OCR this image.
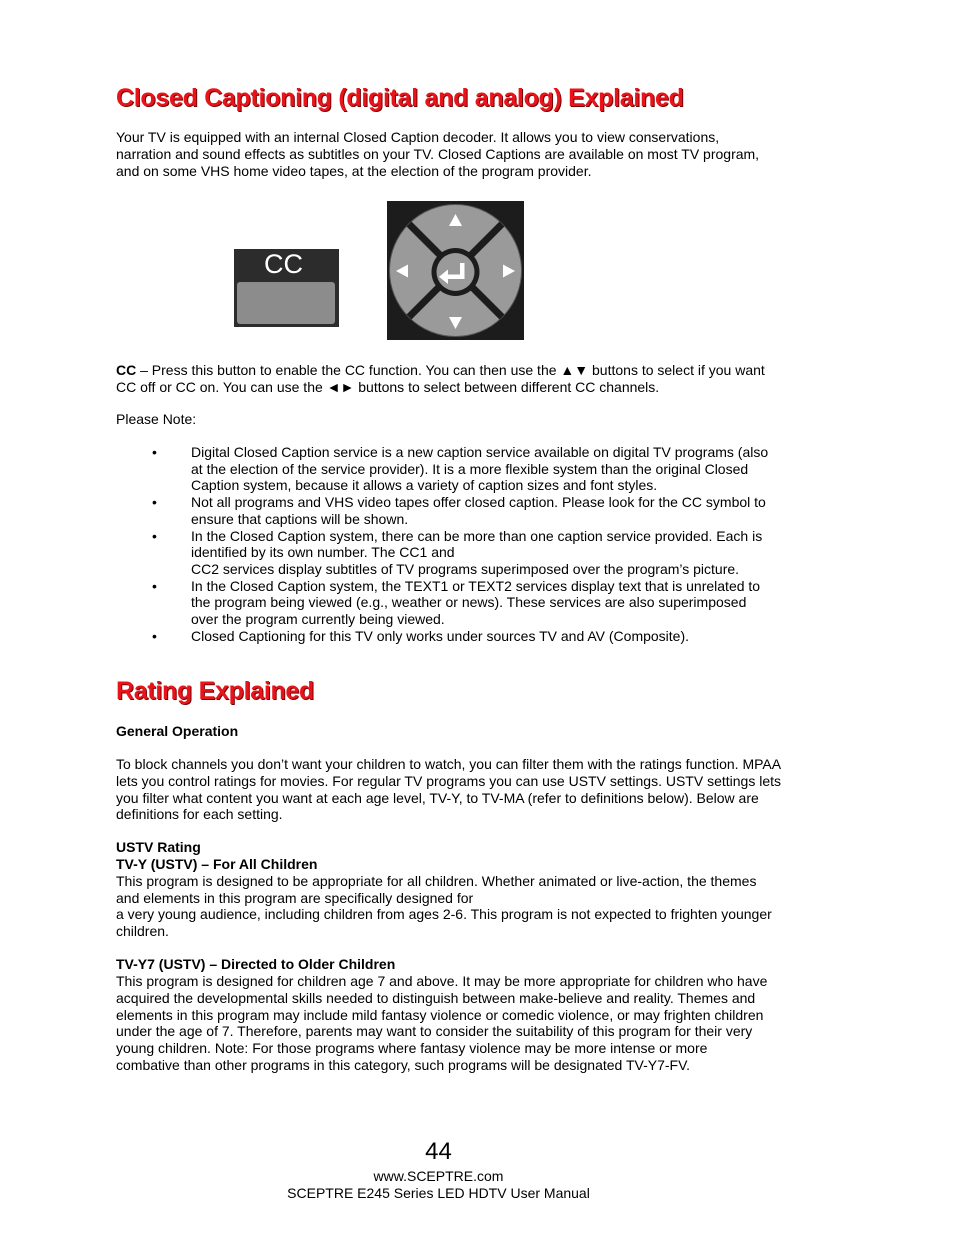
Closed Captioning (digital and analog) Explained

Your TV is equipped with an internal Closed Caption decoder. It allows you to view conservations, narration and sound effects as subtitles on your TV. Closed Captions are available on most TV program, and on some VHS home video tapes, at the election of the program provider.

CC

CC – Press this button to enable the CC function. You can then use the ▲▼ buttons to select if you want CC off or CC on. You can use the ◄► buttons to select between different CC channels.

Please Note:

• Digital Closed Caption service is a new caption service available on digital TV programs (also at the election of the service provider). It is a more flexible system than the original Closed Caption system, because it allows a variety of caption sizes and font styles.
• Not all programs and VHS video tapes offer closed caption. Please look for the CC symbol to ensure that captions will be shown.
• In the Closed Caption system, there can be more than one caption service provided. Each is identified by its own number. The CC1 and
CC2 services display subtitles of TV programs superimposed over the program’s picture.
• In the Closed Caption system, the TEXT1 or TEXT2 services display text that is unrelated to the program being viewed (e.g., weather or news). These services are also superimposed over the program currently being viewed.
• Closed Captioning for this TV only works under sources TV and AV (Composite).
Rating Explained

General Operation

To block channels you don’t want your children to watch, you can filter them with the ratings function. MPAA lets you control ratings for movies. For regular TV programs you can use USTV settings. USTV settings lets you filter what content you want at each age level, TV-Y, to TV-MA (refer to definitions below). Below are definitions for each setting.

USTV Rating

TV-Y (USTV) – For All Children

This program is designed to be appropriate for all children. Whether animated or live-action, the themes and elements in this program are specifically designed for

a very young audience, including children from ages 2-6. This program is not expected to frighten younger children.

TV-Y7 (USTV) – Directed to Older Children

This program is designed for children age 7 and above. It may be more appropriate for children who have acquired the developmental skills needed to distinguish between make-believe and reality. Themes and elements in this program may include mild fantasy violence or comedic violence, or may frighten children under the age of 7. Therefore, parents may want to consider the suitability of this program for their very young children. Note: For those programs where fantasy violence may be more intense or more combative than other programs in this category, such programs will be designated TV-Y7-FV.

44

www.SCEPTRE.com

SCEPTRE E245 Series LED HDTV User Manual
